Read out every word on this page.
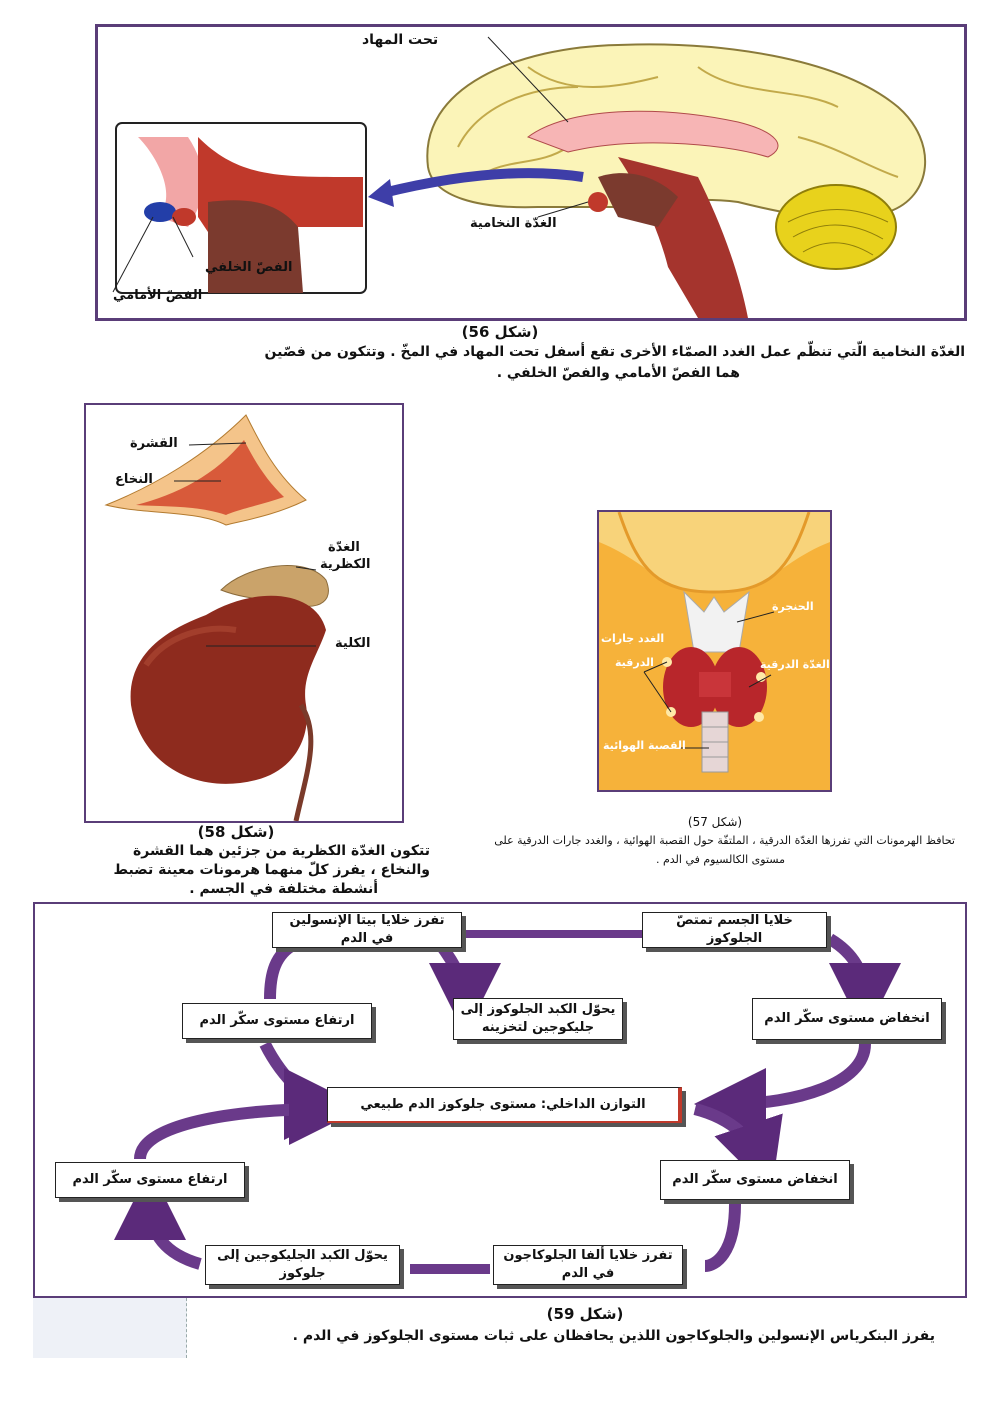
تحت المهاد
الغدّة النخامية
الفصّ الخلفي
الفصّ الأمامي
(شكل 56)
الغدّة النخامية الّتي تنظّم عمل الغدد الصمّاء الأخرى تقع أسفل تحت المهاد في المخّ . وتتكون من فصّين
هما الفصّ الأمامي والفصّ الخلفي .
القشرة
النخاع
الغدّة
الكظرية
الكلية
(شكل 58)
تتكون الغدّة الكظرية من جزئين هما القشرة
والنخاع ، يفرز كلّ منهما هرمونات معينة تضبط
أنشطة مختلفة في الجسم .
الحنجرة
الغدد جارات
الدرقية	الغدّة الدرقية
القصبة الهوائية
(شكل 57)
تحافظ الهرمونات التي تفرزها الغدّة الدرقية ، الملتفّة حول القصبة الهوائية ، والغدد جارات الدرقية على
مستوى الكالسيوم في الدم .
تفرز خلايا بيتا الإنسولين في الدم
خلايا الجسم تمتصّ الجلوكوز
ارتفاع مستوى سكّر الدم
يحوّل الكبد الجلوكوز إلى جليكوجين لتخزينه
انخفاض مستوى سكّر الدم
التوازن الداخلي: مستوى جلوكوز الدم طبيعي
ارتفاع مستوى سكّر الدم	انخفاض مستوى سكّر الدم
يحوّل الكبد الجليكوجين إلى جلوكوز
تفرز خلايا ألفا الجلوكاجون في الدم
(شكل 59)
يفرز البنكرياس الإنسولين والجلوكاجون اللذين يحافظان على ثبات مستوى الجلوكوز في الدم .
